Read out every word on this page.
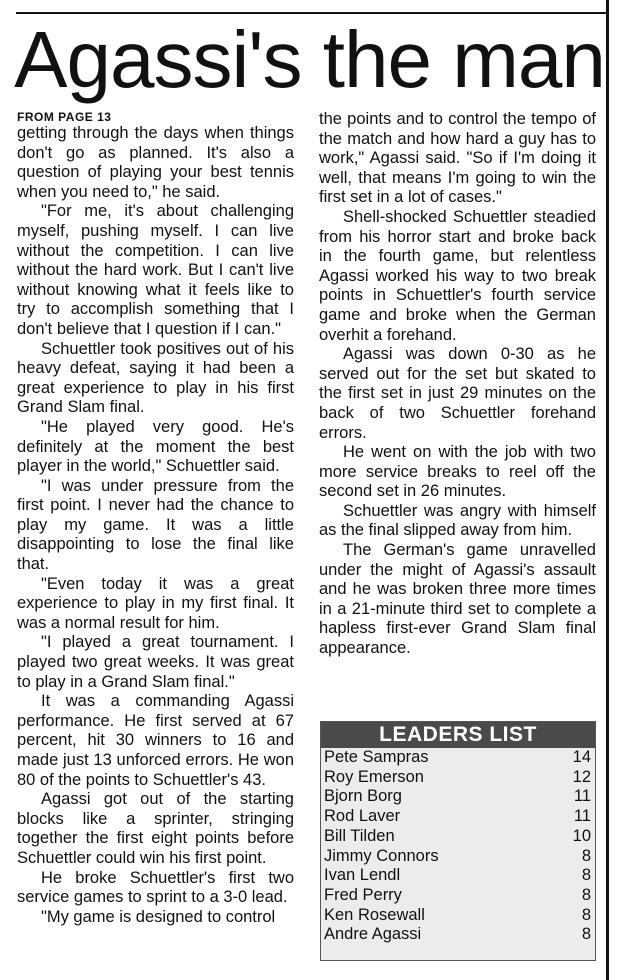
Agassi's the man
FROM PAGE 13

getting through the days when things don't go as planned. It's also a question of playing your best tennis when you need to," he said.

"For me, it's about challenging myself, pushing myself. I can live without the competition. I can live without the hard work. But I can't live without knowing what it feels like to try to accomplish something that I don't believe that I question if I can."

Schuettler took positives out of his heavy defeat, saying it had been a great experience to play in his first Grand Slam final.

"He played very good. He's definitely at the moment the best player in the world," Schuettler said.

"I was under pressure from the first point. I never had the chance to play my game. It was a little disappointing to lose the final like that.

"Even today it was a great experience to play in my first final. It was a normal result for him.

"I played a great tournament. I played two great weeks. It was great to play in a Grand Slam final."

It was a commanding Agassi performance. He first served at 67 percent, hit 30 winners to 16 and made just 13 unforced errors. He won 80 of the points to Schuettler's 43.

Agassi got out of the starting blocks like a sprinter, stringing together the first eight points before Schuettler could win his first point.

He broke Schuettler's first two service games to sprint to a 3-0 lead.

"My game is designed to control

the points and to control the tempo of the match and how hard a guy has to work," Agassi said. "So if I'm doing it well, that means I'm going to win the first set in a lot of cases."

Shell-shocked Schuettler steadied from his horror start and broke back in the fourth game, but relentless Agassi worked his way to two break points in Schuettler's fourth service game and broke when the German overhit a forehand.

Agassi was down 0-30 as he served out for the set but skated to the first set in just 29 minutes on the back of two Schuettler forehand errors.

He went on with the job with two more service breaks to reel off the second set in 26 minutes.

Schuettler was angry with himself as the final slipped away from him.

The German's game unravelled under the might of Agassi's assault and he was broken three more times in a 21-minute third set to complete a hapless first-ever Grand Slam final appearance.

LEADERS LIST
Pete Sampras	14
Roy Emerson	12
Bjorn Borg	11
Rod Laver	11
Bill Tilden	10
Jimmy Connors	8
Ivan Lendl	8
Fred Perry	8
Ken Rosewall	8
Andre Agassi	8
